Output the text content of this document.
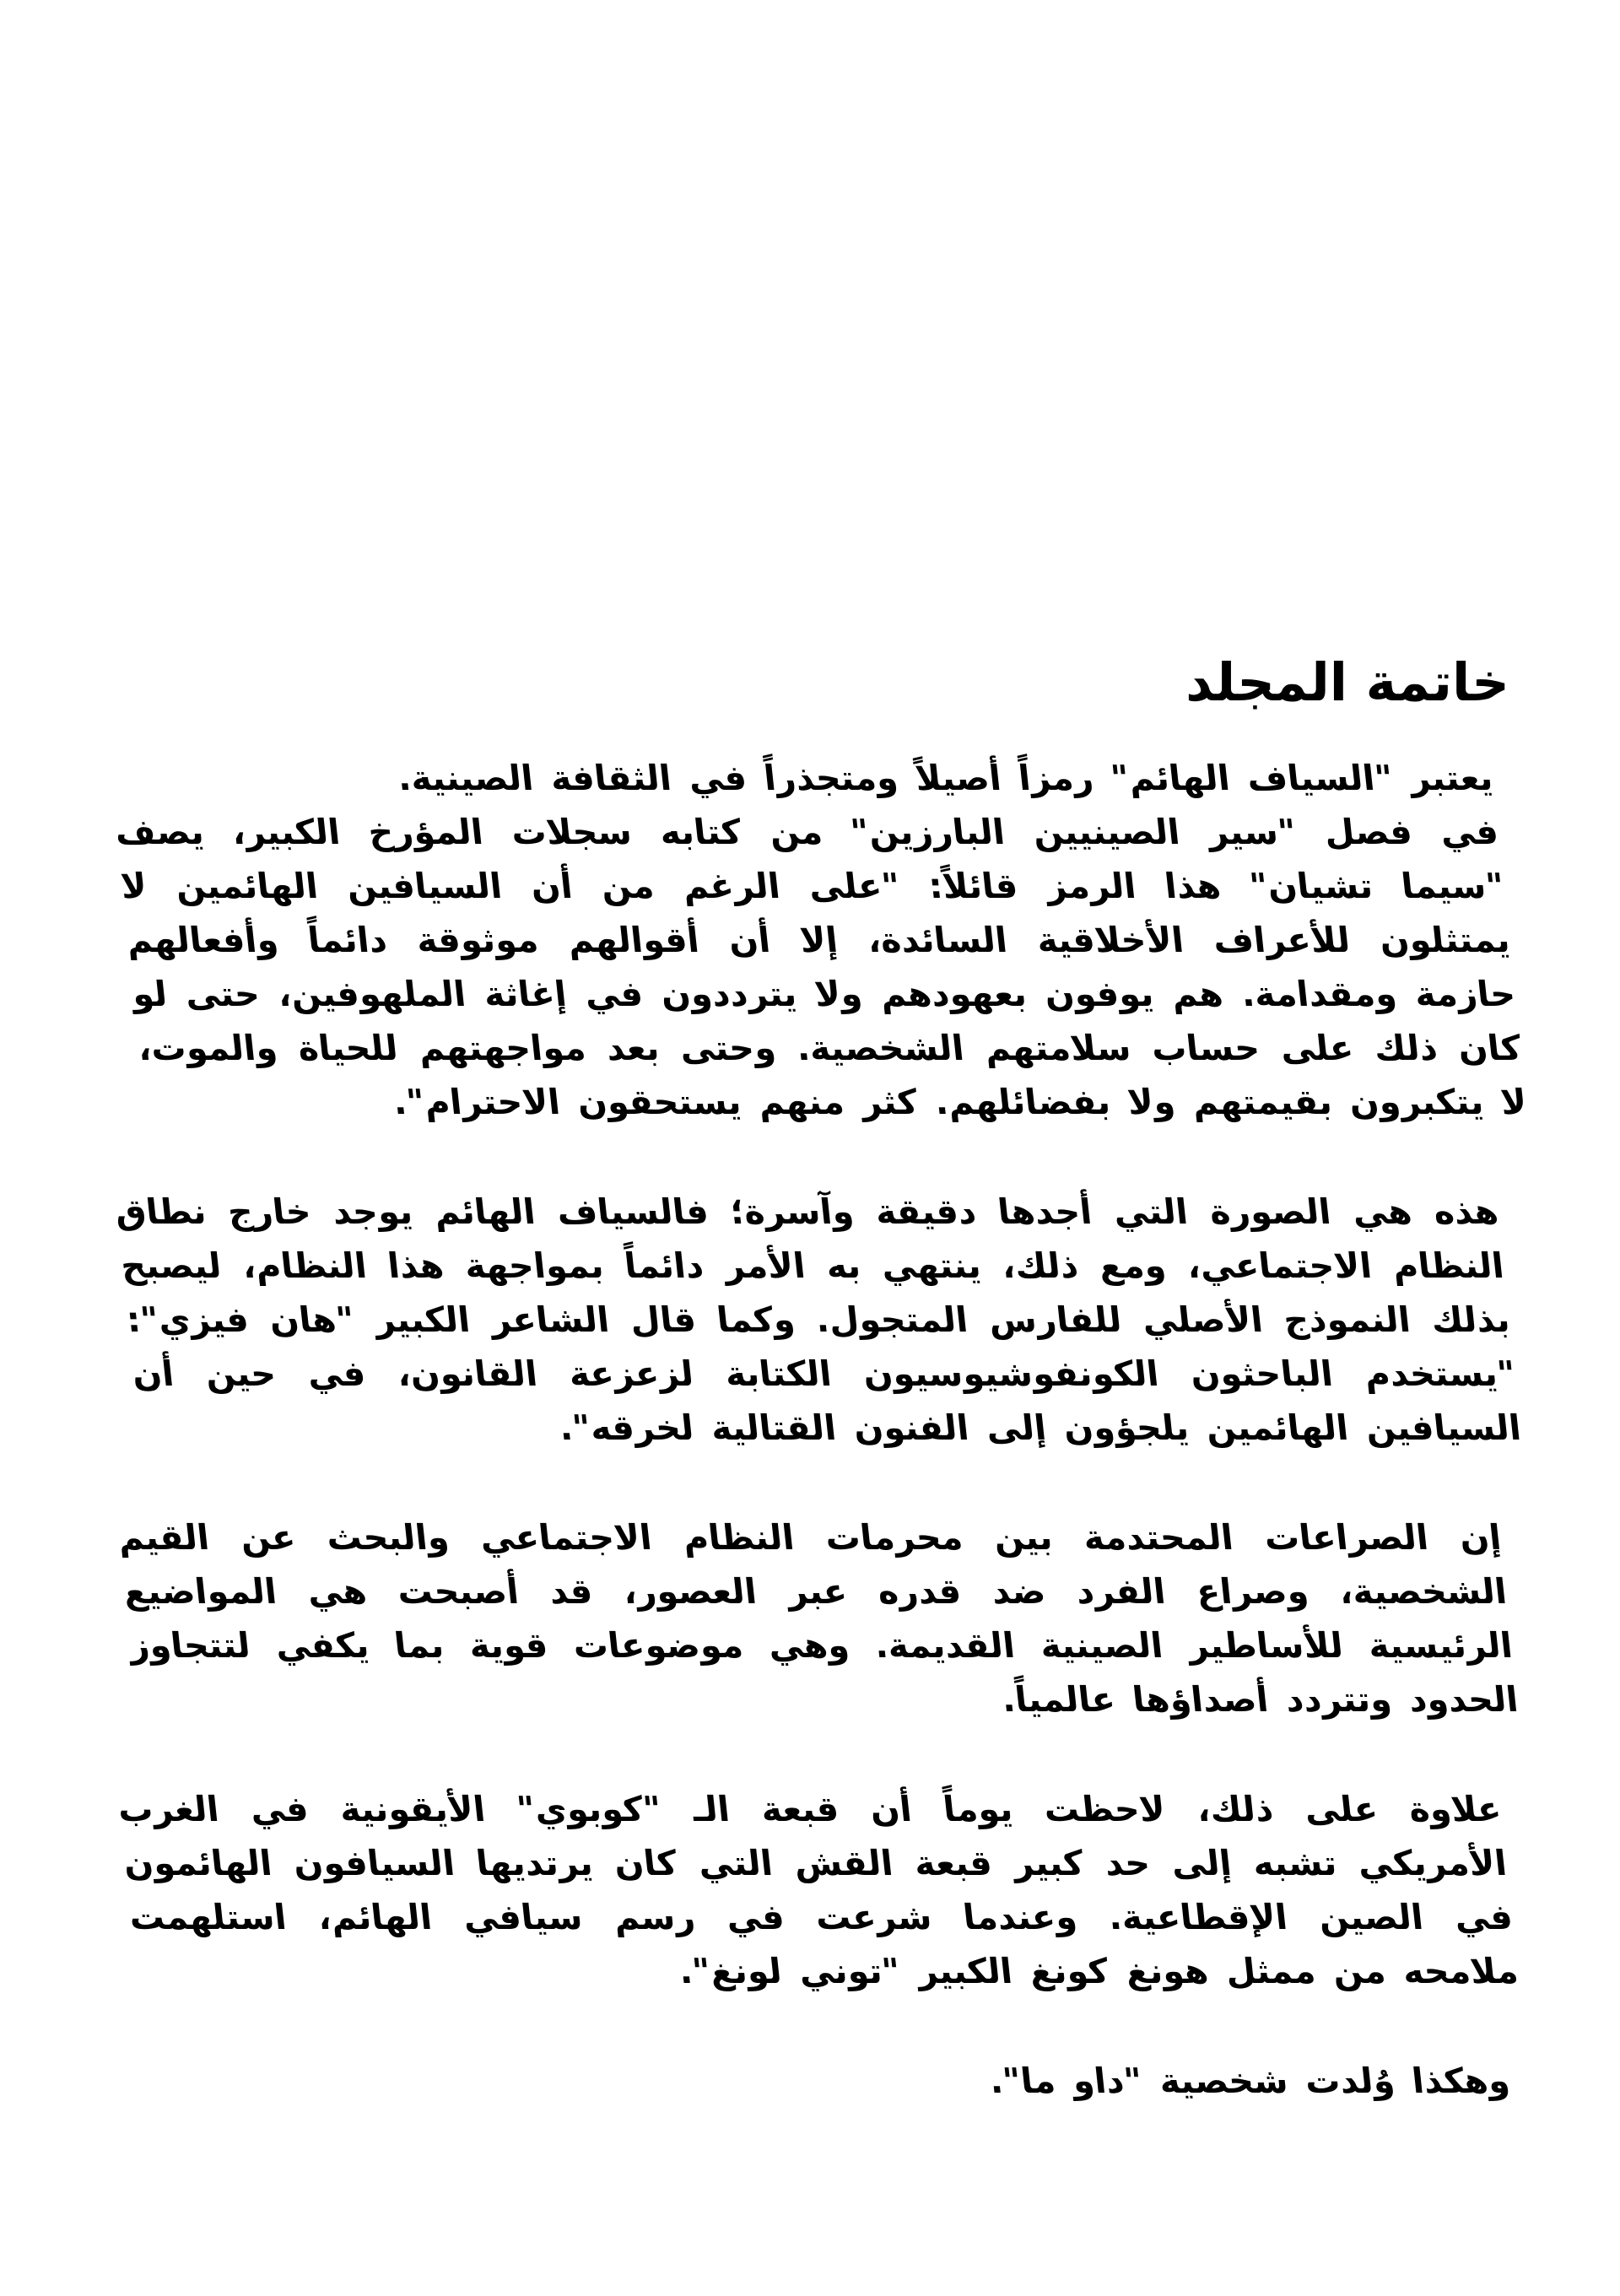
خاتمة المجلد

يعتبر "السياف الهائم" رمزاً أصيلاً ومتجذراً في الثقافة الصينية.
في فصل "سير الصينيين البارزين" من كتابه سجلات المؤرخ الكبير، يصف "سيما تشيان" هذا الرمز قائلاً: "على الرغم من أن السيافين الهائمين لا يمتثلون للأعراف الأخلاقية السائدة، إلا أن أقوالهم موثوقة دائماً وأفعالهم حازمة ومقدامة. هم يوفون بعهودهم ولا يترددون في إغاثة الملهوفين، حتى لو كان ذلك على حساب سلامتهم الشخصية. وحتى بعد مواجهتهم للحياة والموت، لا يتكبرون بقيمتهم ولا بفضائلهم. كثر منهم يستحقون الاحترام".

هذه هي الصورة التي أجدها دقيقة وآسرة؛ فالسياف الهائم يوجد خارج نطاق النظام الاجتماعي، ومع ذلك، ينتهي به الأمر دائماً بمواجهة هذا النظام، ليصبح بذلك النموذج الأصلي للفارس المتجول. وكما قال الشاعر الكبير "هان فيزي": "يستخدم الباحثون الكونفوشيوسيون الكتابة لزعزعة القانون، في حين أن السيافين الهائمين يلجؤون إلى الفنون القتالية لخرقه".

إن الصراعات المحتدمة بين محرمات النظام الاجتماعي والبحث عن القيم الشخصية، وصراع الفرد ضد قدره عبر العصور، قد أصبحت هي المواضيع الرئيسية للأساطير الصينية القديمة. وهي موضوعات قوية بما يكفي لتتجاوز الحدود وتتردد أصداؤها عالمياً.

علاوة على ذلك، لاحظت يوماً أن قبعة الـ "كوبوي" الأيقونية في الغرب الأمريكي تشبه إلى حد كبير قبعة القش التي كان يرتديها السيافون الهائمون في الصين الإقطاعية. وعندما شرعت في رسم سيافي الهائم، استلهمت ملامحه من ممثل هونغ كونغ الكبير "توني لونغ".

وهكذا وُلدت شخصية "داو ما".
